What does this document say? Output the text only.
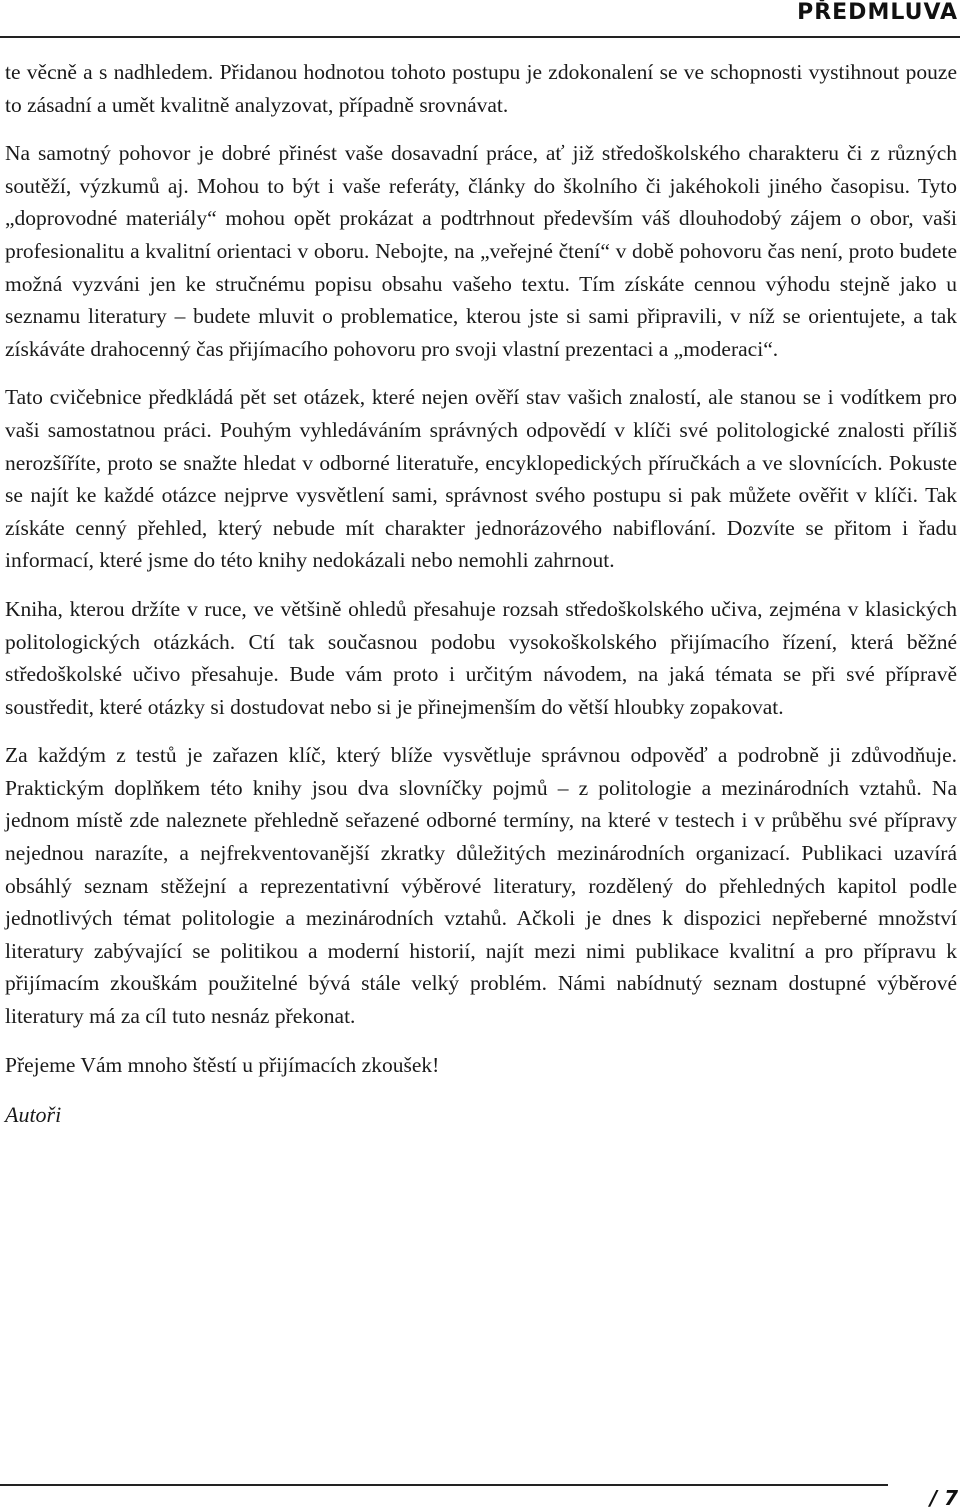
PŘEDMLUVA

te věcně a s nadhledem. Přidanou hodnotou tohoto postupu je zdokonalení se ve schopnosti vystihnout pouze to zásadní a umět kvalitně analyzovat, případně srovnávat.

Na samotný pohovor je dobré přinést vaše dosavadní práce, ať již středoškolského charakteru či z různých soutěží, výzkumů aj. Mohou to být i vaše referáty, články do školního či jakéhokoli jiného časopisu. Tyto „doprovodné materiály“ mohou opět prokázat a podtrhnout především váš dlouhodobý zájem o obor, vaši profesionalitu a kvalitní orientaci v oboru. Nebojte, na „veřejné čtení“ v době pohovoru čas není, proto budete možná vyzváni jen ke stručnému popisu obsahu vašeho textu. Tím získáte cennou výhodu stejně jako u seznamu literatury – budete mluvit o problematice, kterou jste si sami připravili, v níž se orientujete, a tak získáváte drahocenný čas přijímacího pohovoru pro svoji vlastní prezentaci a „moderaci“.

Tato cvičebnice předkládá pět set otázek, které nejen ověří stav vašich znalostí, ale stanou se i vodítkem pro vaši samostatnou práci. Pouhým vyhledáváním správných odpovědí v klíči své politologické znalosti příliš nerozšíříte, proto se snažte hledat v odborné literatuře, encyklopedických příručkách a ve slovnících. Pokuste se najít ke každé otázce nejprve vysvětlení sami, správnost svého postupu si pak můžete ověřit v klíči. Tak získáte cenný přehled, který nebude mít charakter jednorázového nabiflování. Dozvíte se přitom i řadu informací, které jsme do této knihy nedokázali nebo nemohli zahrnout.

Kniha, kterou držíte v ruce, ve většině ohledů přesahuje rozsah středoškolského učiva, zejména v klasických politologických otázkách. Ctí tak současnou podobu vysokoškolského přijímacího řízení, která běžné středoškolské učivo přesahuje. Bude vám proto i určitým návodem, na jaká témata se při své přípravě soustředit, které otázky si dostudovat nebo si je přinejmenším do větší hloubky zopakovat.

Za každým z testů je zařazen klíč, který blíže vysvětluje správnou odpověď a podrobně ji zdůvodňuje. Praktickým doplňkem této knihy jsou dva slovníčky pojmů – z politologie a mezinárodních vztahů. Na jednom místě zde naleznete přehledně seřazené odborné termíny, na které v testech i v průběhu své přípravy nejednou narazíte, a nejfrekventovanější zkratky důležitých mezinárodních organizací. Publikaci uzavírá obsáhlý seznam stěžejní a reprezentativní výběrové literatury, rozdělený do přehledných kapitol podle jednotlivých témat politologie a mezinárodních vztahů. Ačkoli je dnes k dispozici nepřeberné množství literatury zabývající se politikou a moderní historií, najít mezi nimi publikace kvalitní a pro přípravu k přijímacím zkouškám použitelné bývá stále velký problém. Námi nabídnutý seznam dostupné výběrové literatury má za cíl tuto nesnáz překonat.

Přejeme Vám mnoho štěstí u přijímacích zkoušek!

Autoři

/ 7
